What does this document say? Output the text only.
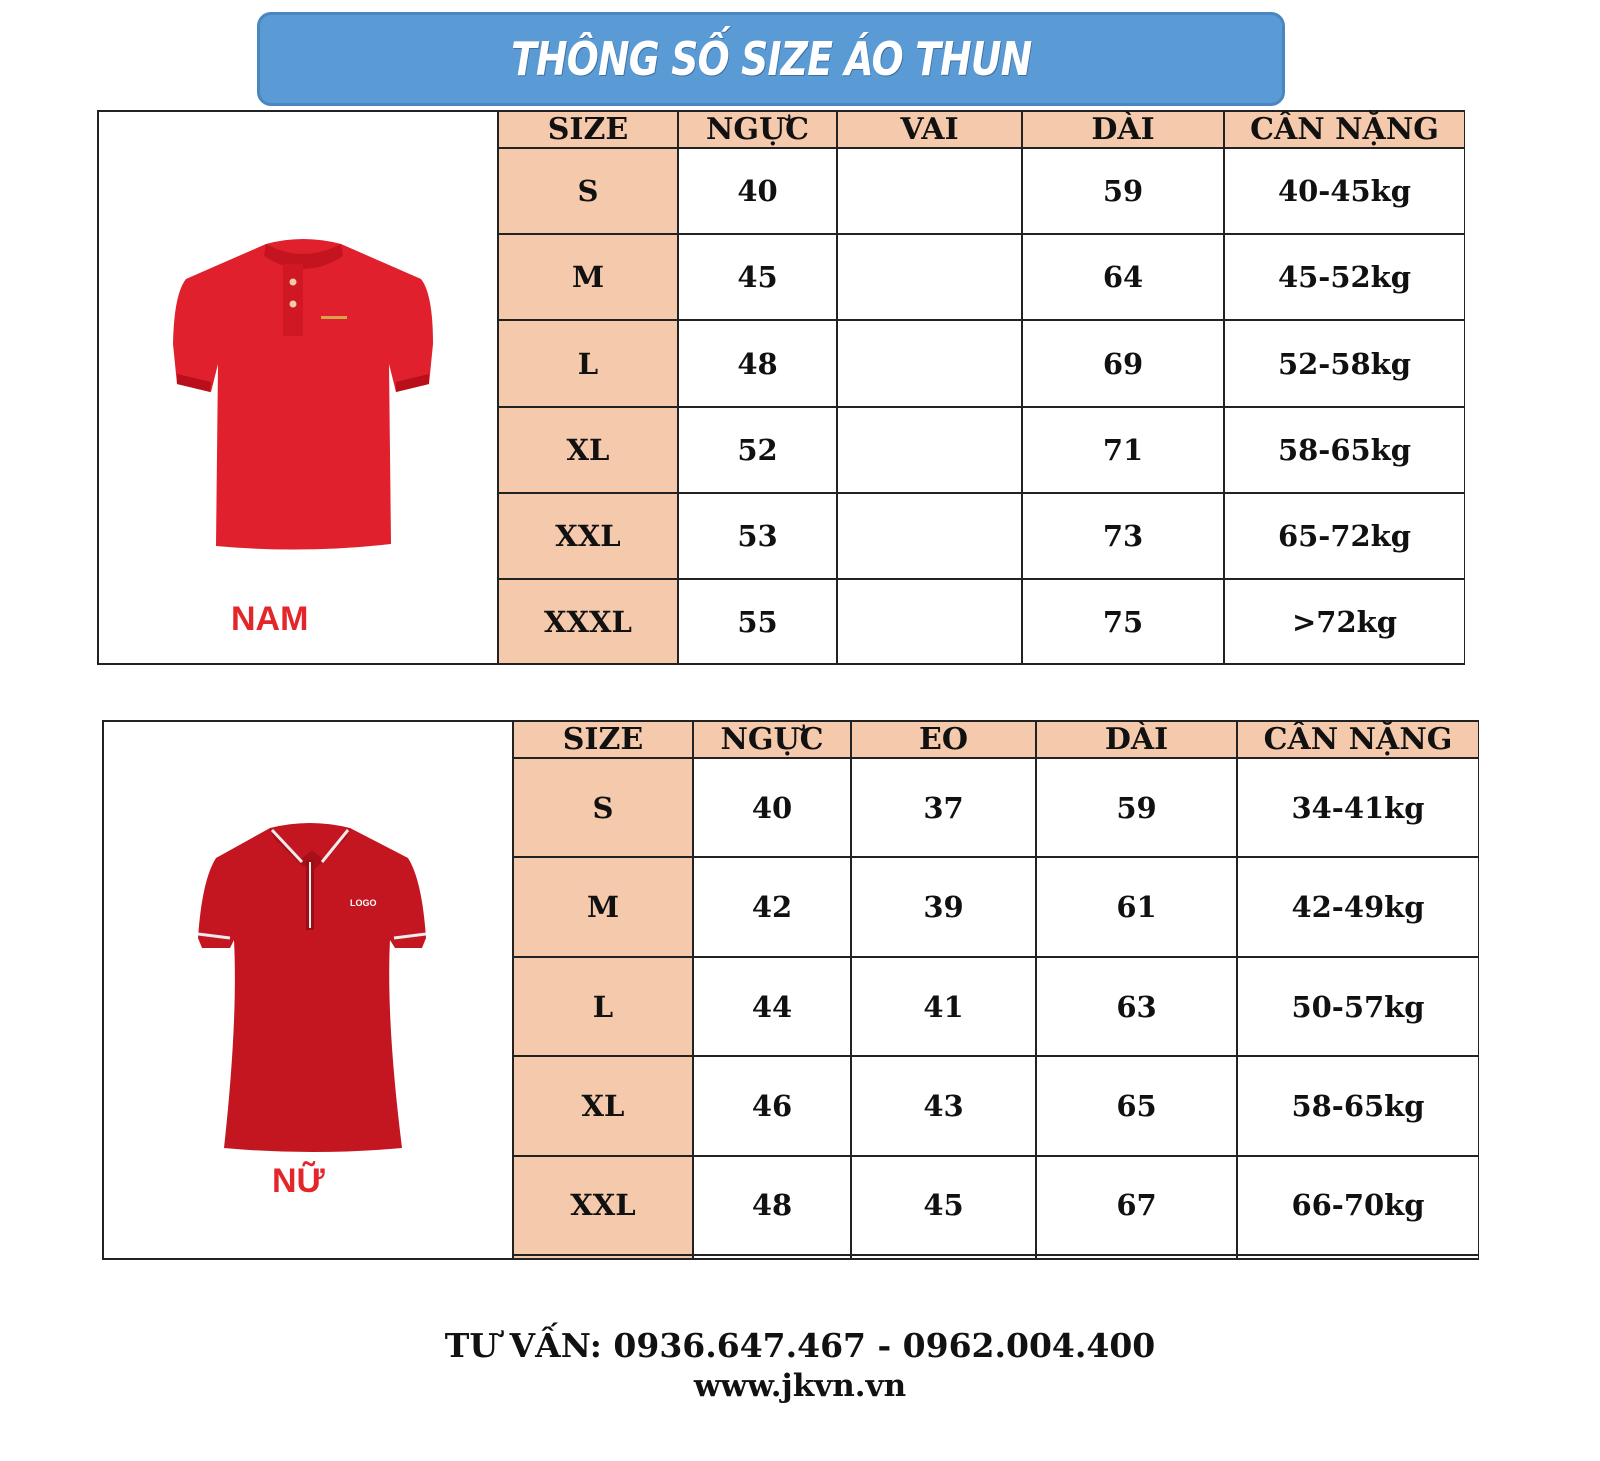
THÔNG SỐ SIZE ÁO THUN
NAM
SIZE	NGỰC	VAI	DÀI	CÂN NẶNG
S	40		59	40-45kg
M	45		64	45-52kg
L	48		69	52-58kg
XL	52		71	58-65kg
XXL	53		73	65-72kg
XXXL	55		75	>72kg
LOGO
NỮ
SIZE	NGỰC	EO	DÀI	CÂN NẶNG
S	40	37	59	34-41kg
M	42	39	61	42-49kg
L	44	41	63	50-57kg
XL	46	43	65	58-65kg
XXL	48	45	67	66-70kg

TƯ VẤN: 0936.647.467 - 0962.004.400
www.jkvn.vn
